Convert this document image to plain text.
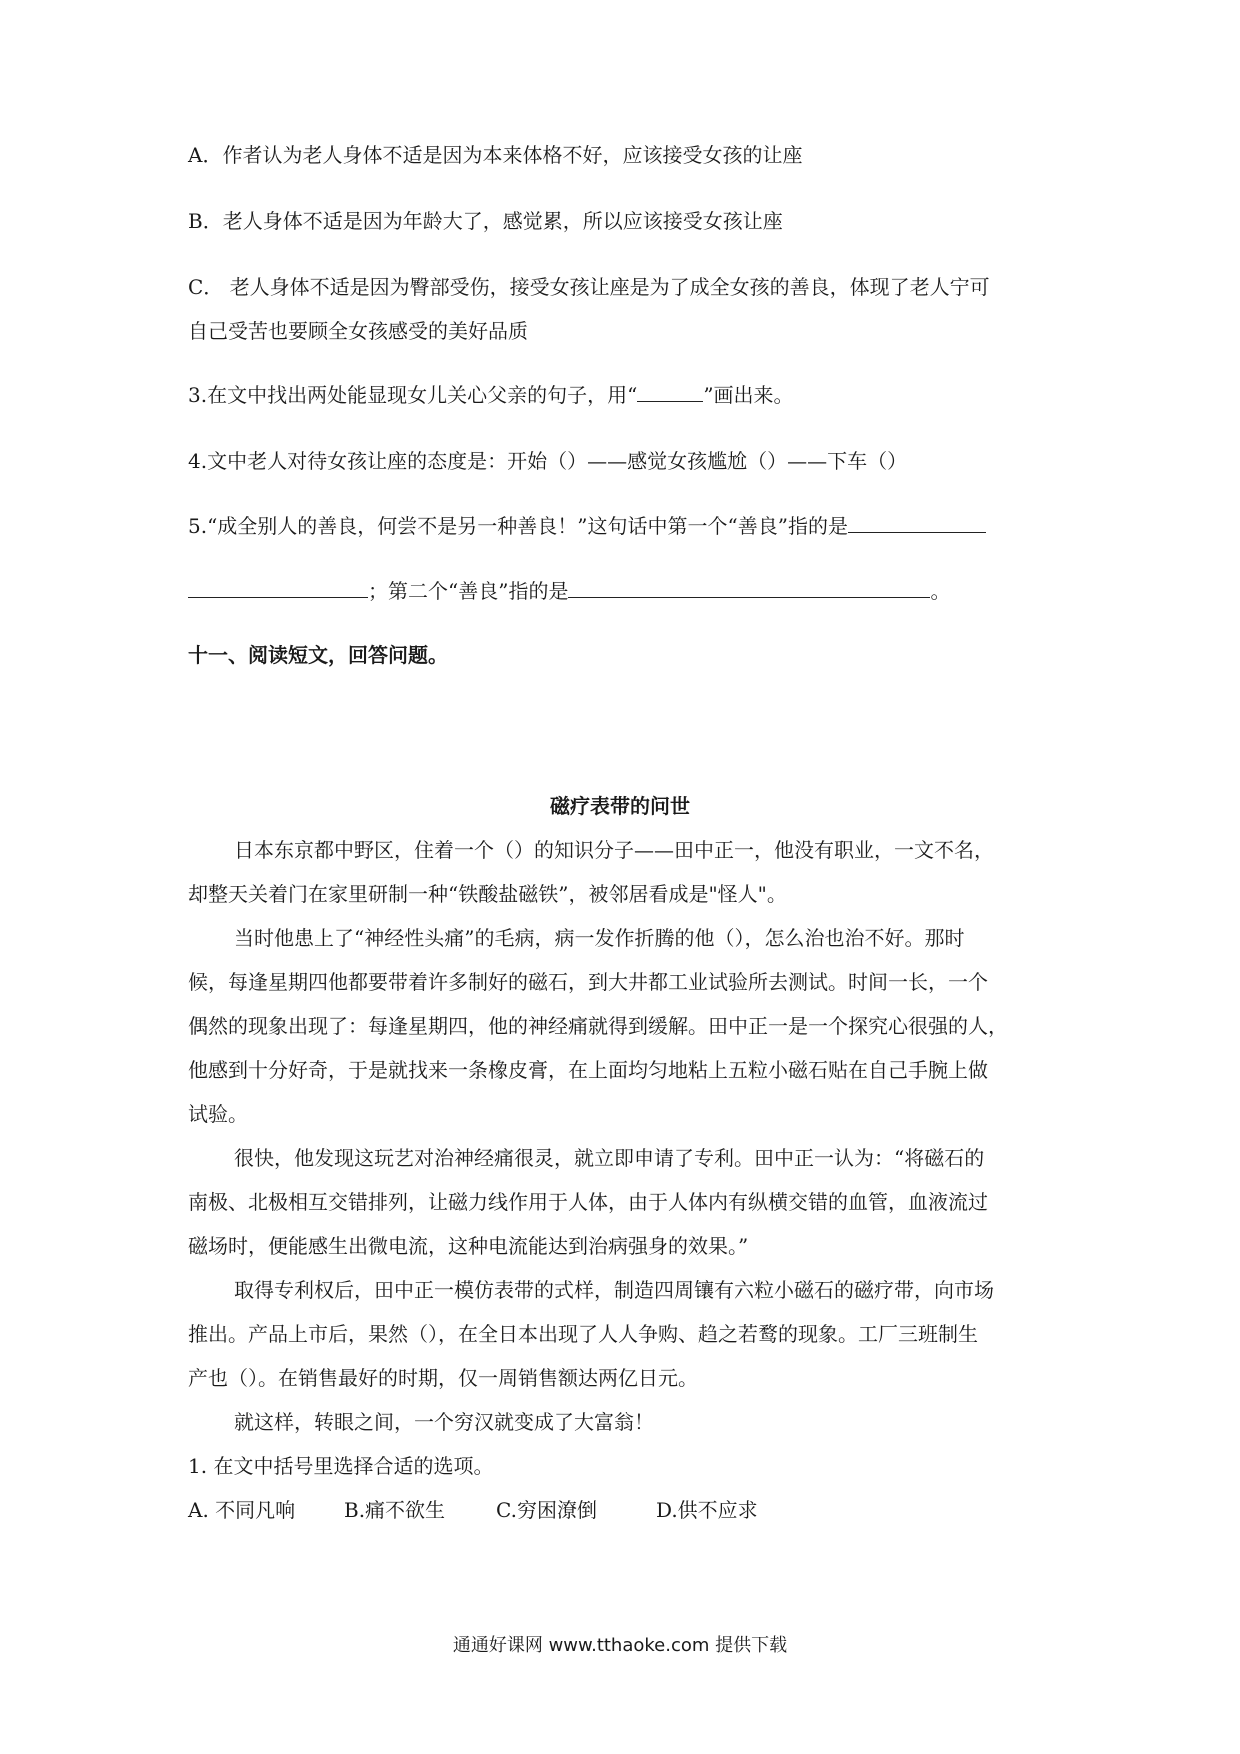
A．作者认为老人身体不适是因为本来体格不好，应该接受女孩的让座
B．老人身体不适是因为年龄大了，感觉累，所以应该接受女孩让座
C． 老人身体不适是因为臀部受伤，接受女孩让座是为了成全女孩的善良，体现了老人宁可
自己受苦也要顾全女孩感受的美好品质
3.在文中找出两处能显现女儿关心父亲的句子，用“	”画出来。
4.文中老人对待女孩让座的态度是：开始（）——感觉女孩尴尬（）——下车（）
5.“成全别人的善良，何尝不是另一种善良！”这句话中第一个“善良”指的是
；第二个“善良”指的是	。
十一、阅读短文，回答问题。
磁疗表带的问世
日本东京都中野区，住着一个（）的知识分子——田中正一，他没有职业，一文不名，
却整天关着门在家里研制一种“铁酸盐磁铁”，被邻居看成是"怪人"。
当时他患上了“神经性头痛”的毛病，病一发作折腾的他（），怎么治也治不好。那时
候，每逢星期四他都要带着许多制好的磁石，到大井都工业试验所去测试。时间一长，一个
偶然的现象出现了：每逢星期四，他的神经痛就得到缓解。田中正一是一个探究心很强的人，
他感到十分好奇，于是就找来一条橡皮膏，在上面均匀地粘上五粒小磁石贴在自己手腕上做
试验。
很快，他发现这玩艺对治神经痛很灵，就立即申请了专利。田中正一认为：“将磁石的
南极、北极相互交错排列，让磁力线作用于人体，由于人体内有纵横交错的血管，血液流过
磁场时，便能感生出微电流，这种电流能达到治病强身的效果。”
取得专利权后，田中正一模仿表带的式样，制造四周镶有六粒小磁石的磁疗带，向市场
推出。产品上市后，果然（），在全日本出现了人人争购、趋之若鹜的现象。工厂三班制生
产也（）。在销售最好的时期，仅一周销售额达两亿日元。
就这样，转眼之间，一个穷汉就变成了大富翁！
1. 在文中括号里选择合适的选项。
A. 不同凡响 B.痛不欲生	C.穷困潦倒	D.供不应求
通通好课网 www.tthaoke.com 提供下载
